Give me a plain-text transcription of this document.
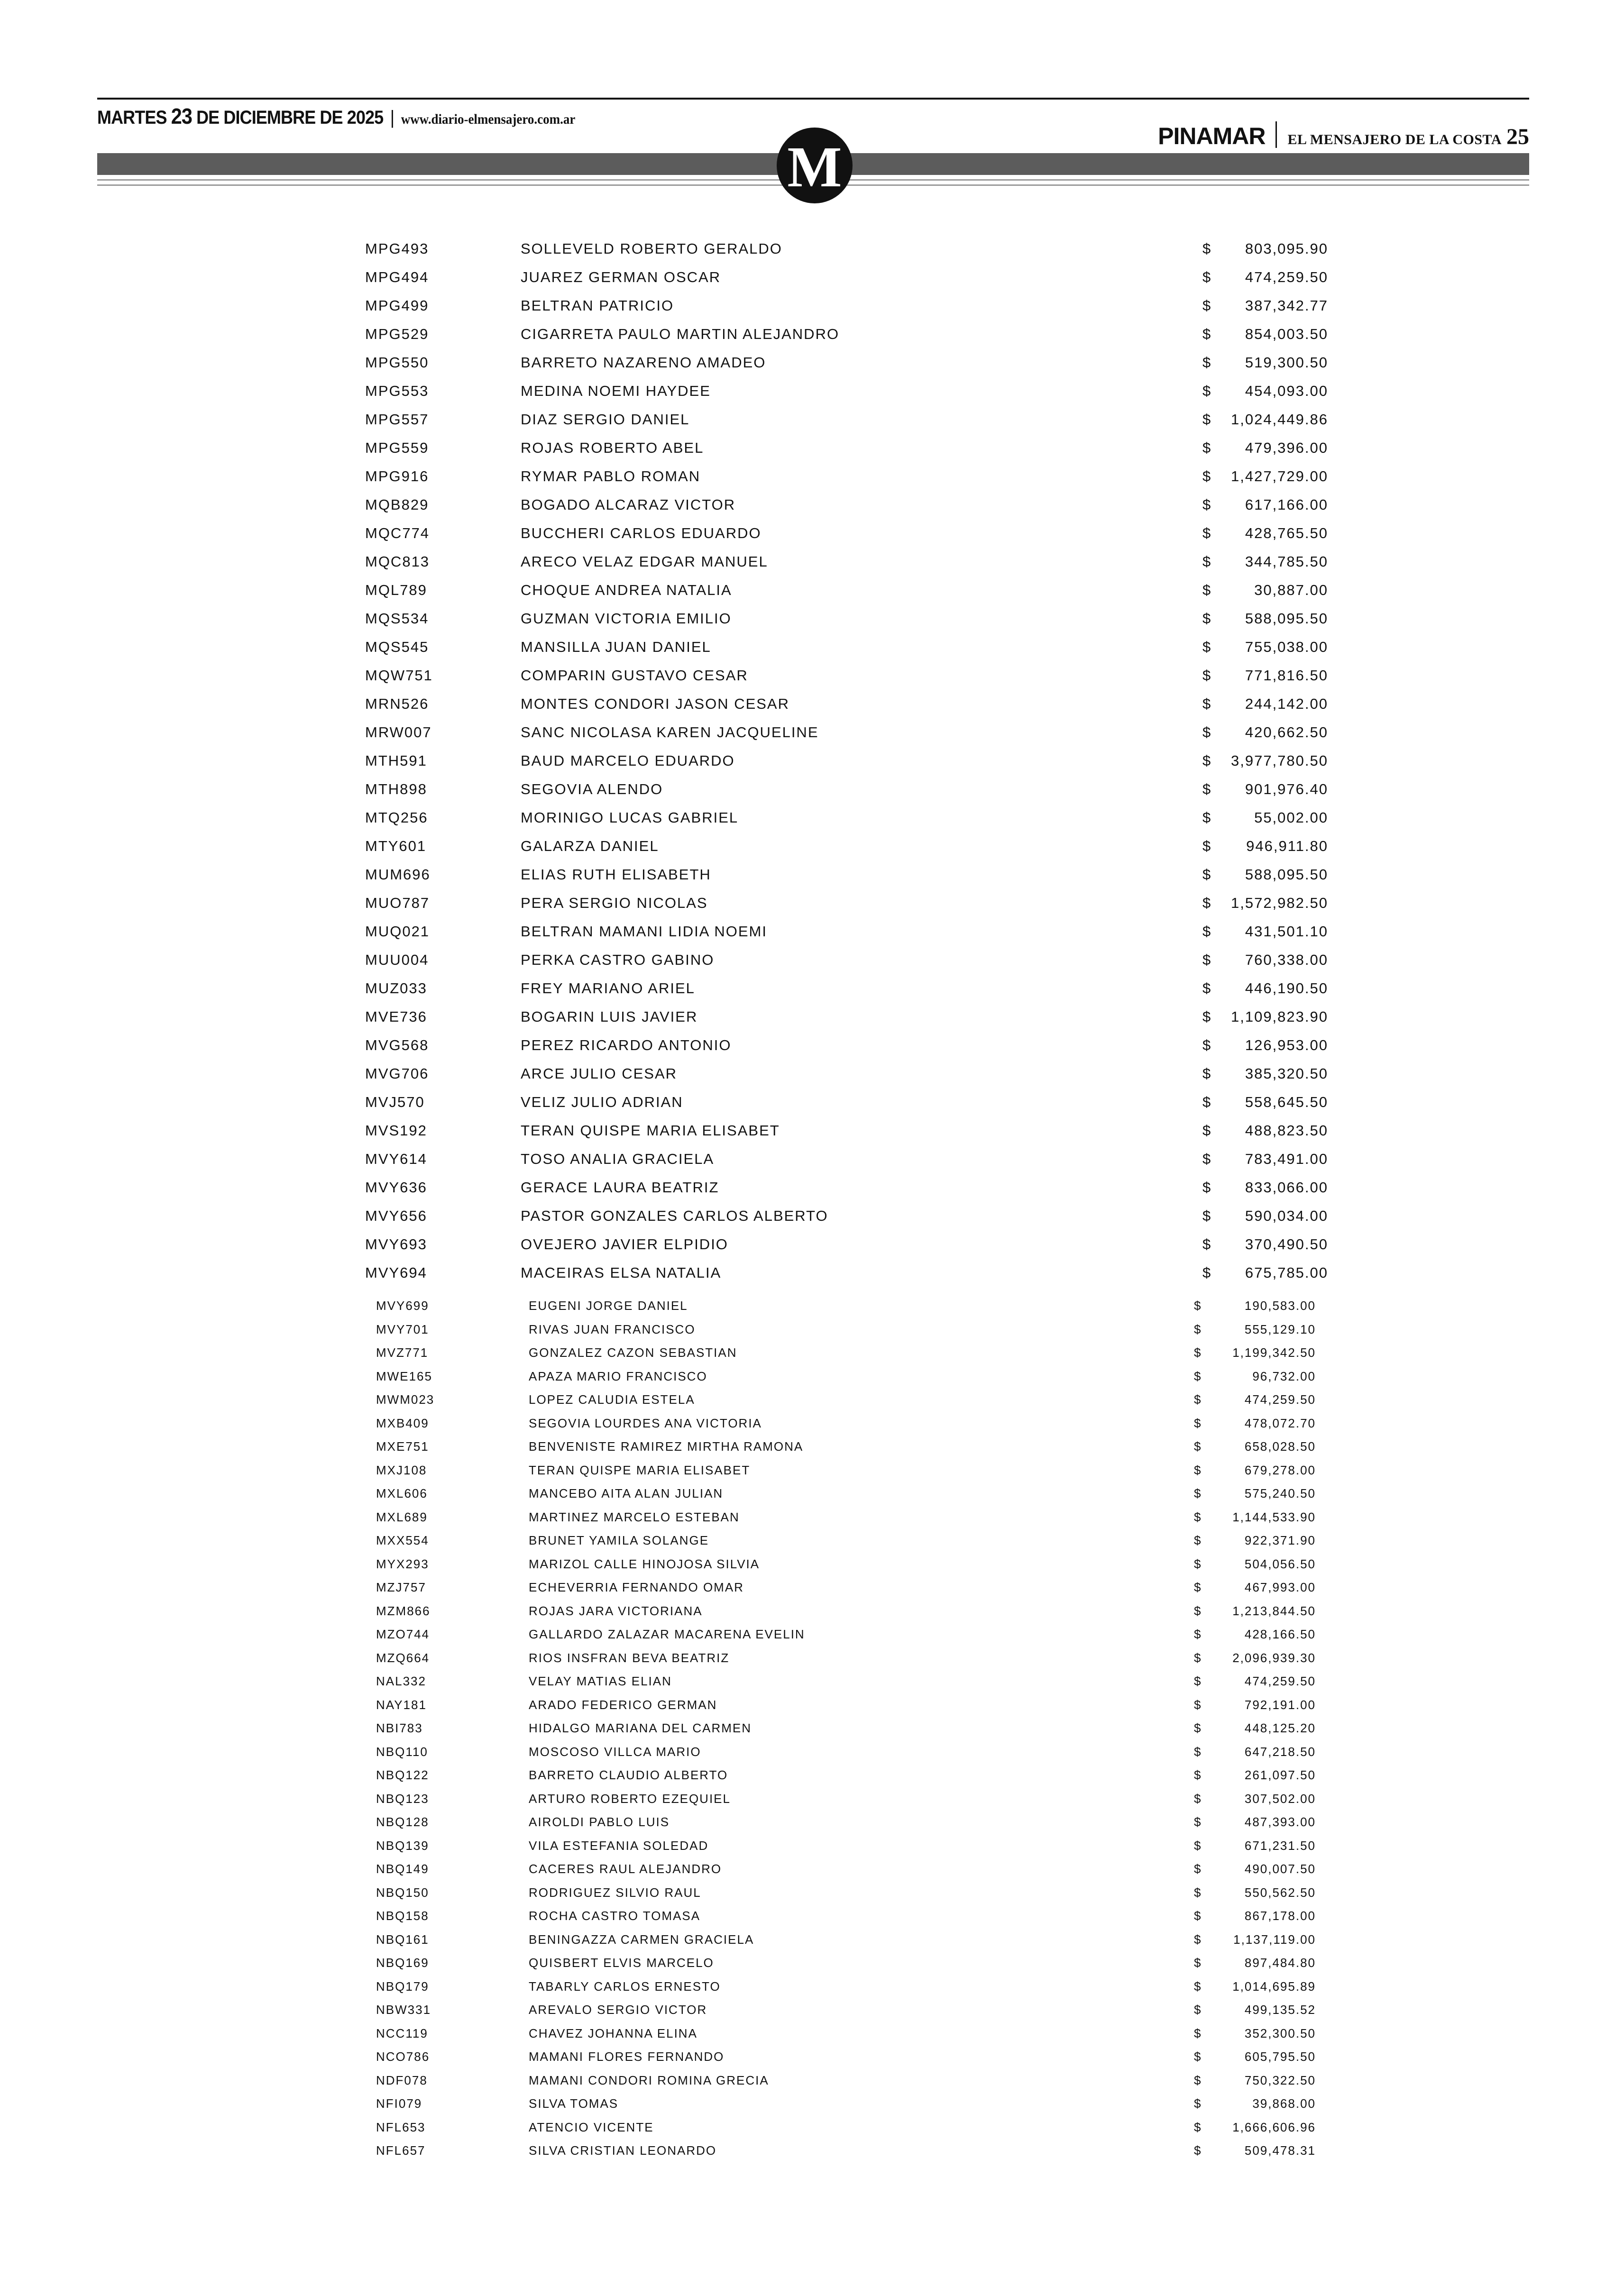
MARTES 23 DE DICIEMBRE DE 2025 | www.diario-elmensajero.com.ar
PINAMAR EL MENSAJERO DE LA COSTA 25
M
MPG493	SOLLEVELD ROBERTO GERALDO	$ 803,095.90
MPG494	JUAREZ GERMAN OSCAR	$ 474,259.50
MPG499	BELTRAN PATRICIO	$ 387,342.77
MPG529	CIGARRETA PAULO MARTIN ALEJANDRO	$ 854,003.50
MPG550	BARRETO NAZARENO AMADEO	$ 519,300.50
MPG553	MEDINA NOEMI HAYDEE	$ 454,093.00
MPG557	DIAZ SERGIO DANIEL	$ 1,024,449.86
MPG559	ROJAS ROBERTO ABEL	$ 479,396.00
MPG916	RYMAR PABLO ROMAN	$ 1,427,729.00
MQB829	BOGADO ALCARAZ VICTOR	$ 617,166.00
MQC774	BUCCHERI CARLOS EDUARDO	$ 428,765.50
MQC813	ARECO VELAZ EDGAR MANUEL	$ 344,785.50
MQL789	CHOQUE ANDREA NATALIA	$	30,887.00
MQS534	GUZMAN VICTORIA EMILIO	$ 588,095.50
MQS545	MANSILLA JUAN DANIEL	$ 755,038.00
MQW751	COMPARIN GUSTAVO CESAR	$ 771,816.50
MRN526	MONTES CONDORI JASON CESAR	$ 244,142.00
MRW007	SANC NICOLASA KAREN JACQUELINE	$ 420,662.50
MTH591	BAUD MARCELO EDUARDO	$ 3,977,780.50
MTH898	SEGOVIA ALENDO	$ 901,976.40
MTQ256	MORINIGO LUCAS GABRIEL	$	55,002.00
MTY601	GALARZA DANIEL	$ 946,911.80
MUM696	ELIAS RUTH ELISABETH	$ 588,095.50
MUO787	PERA SERGIO NICOLAS	$ 1,572,982.50
MUQ021	BELTRAN MAMANI LIDIA NOEMI	$ 431,501.10
MUU004	PERKA CASTRO GABINO	$ 760,338.00
MUZ033	FREY MARIANO ARIEL	$ 446,190.50
MVE736	BOGARIN LUIS JAVIER	$ 1,109,823.90
MVG568	PEREZ RICARDO ANTONIO	$ 126,953.00
MVG706	ARCE JULIO CESAR	$ 385,320.50
MVJ570	VELIZ JULIO ADRIAN	$ 558,645.50
MVS192	TERAN QUISPE MARIA ELISABET	$ 488,823.50
MVY614	TOSO ANALIA GRACIELA	$ 783,491.00
MVY636	GERACE LAURA BEATRIZ	$ 833,066.00
MVY656	PASTOR GONZALES CARLOS ALBERTO	$ 590,034.00
MVY693	OVEJERO JAVIER ELPIDIO	$ 370,490.50
MVY694	MACEIRAS ELSA NATALIA	$ 675,785.00
MVY699	EUGENI JORGE DANIEL	$	190,583.00
MVY701	RIVAS JUAN FRANCISCO	$	555,129.10
MVZ771	GONZALEZ CAZON SEBASTIAN	$ 1,199,342.50
MWE165	APAZA MARIO FRANCISCO	$	96,732.00
MWM023	LOPEZ CALUDIA ESTELA	$	474,259.50
MXB409	SEGOVIA LOURDES ANA VICTORIA	$	478,072.70
MXE751	BENVENISTE RAMIREZ MIRTHA RAMONA	$	658,028.50
MXJ108	TERAN QUISPE MARIA ELISABET	$	679,278.00
MXL606	MANCEBO AITA ALAN JULIAN	$	575,240.50
MXL689	MARTINEZ MARCELO ESTEBAN	$ 1,144,533.90
MXX554	BRUNET YAMILA SOLANGE	$	922,371.90
MYX293	MARIZOL CALLE HINOJOSA SILVIA	$	504,056.50
MZJ757	ECHEVERRIA FERNANDO OMAR	$	467,993.00
MZM866	ROJAS JARA VICTORIANA	$ 1,213,844.50
MZO744	GALLARDO ZALAZAR MACARENA EVELIN	$	428,166.50
MZQ664	RIOS INSFRAN BEVA BEATRIZ	$ 2,096,939.30
NAL332	VELAY MATIAS ELIAN	$	474,259.50
NAY181	ARADO FEDERICO GERMAN	$	792,191.00
NBI783	HIDALGO MARIANA DEL CARMEN	$	448,125.20
NBQ110	MOSCOSO VILLCA MARIO	$	647,218.50
NBQ122	BARRETO CLAUDIO ALBERTO	$	261,097.50
NBQ123	ARTURO ROBERTO EZEQUIEL	$	307,502.00
NBQ128	AIROLDI PABLO LUIS	$	487,393.00
NBQ139	VILA ESTEFANIA SOLEDAD	$	671,231.50
NBQ149	CACERES RAUL ALEJANDRO	$	490,007.50
NBQ150	RODRIGUEZ SILVIO RAUL	$	550,562.50
NBQ158	ROCHA CASTRO TOMASA	$	867,178.00
NBQ161	BENINGAZZA CARMEN GRACIELA	$	1,137,119.00
NBQ169	QUISBERT ELVIS MARCELO	$	897,484.80
NBQ179	TABARLY CARLOS ERNESTO	$ 1,014,695.89
NBW331	AREVALO SERGIO VICTOR	$	499,135.52
NCC119	CHAVEZ JOHANNA ELINA	$	352,300.50
NCO786	MAMANI FLORES FERNANDO	$	605,795.50
NDF078	MAMANI CONDORI ROMINA GRECIA	$	750,322.50
NFI079	SILVA TOMAS	$	39,868.00
NFL653	ATENCIO VICENTE	$ 1,666,606.96
NFL657	SILVA CRISTIAN LEONARDO	$	509,478.31
